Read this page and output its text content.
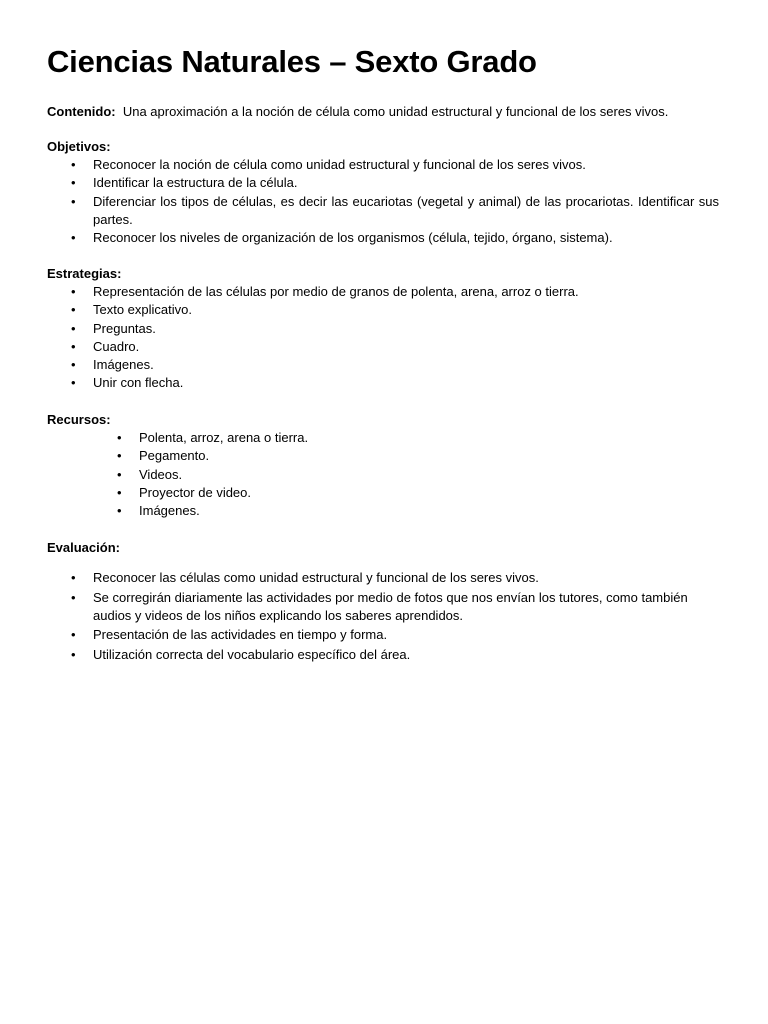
Ciencias Naturales – Sexto Grado
Contenido: Una aproximación a la noción de célula como unidad estructural y funcional de los seres vivos.
Objetivos:
• Reconocer la noción de célula como unidad estructural y funcional de los seres vivos.
• Identificar la estructura de la célula.
• Diferenciar los tipos de células, es decir las eucariotas (vegetal y animal) de las procariotas. Identificar sus partes.
• Reconocer los niveles de organización de los organismos (célula, tejido, órgano, sistema).
Estrategias:
• Representación de las células por medio de granos de polenta, arena, arroz o tierra.
• Texto explicativo.
• Preguntas.
• Cuadro.
• Imágenes.
• Unir con flecha.
Recursos:
• Polenta, arroz, arena o tierra.
• Pegamento.
• Videos.
• Proyector de video.
• Imágenes.
Evaluación:
• Reconocer las células como unidad estructural y funcional de los seres vivos.
• Se corregirán diariamente las actividades por medio de fotos que nos envían los tutores, como también audios y videos de los niños explicando los saberes aprendidos.
• Presentación de las actividades en tiempo y forma.
• Utilización correcta del vocabulario específico del área.
